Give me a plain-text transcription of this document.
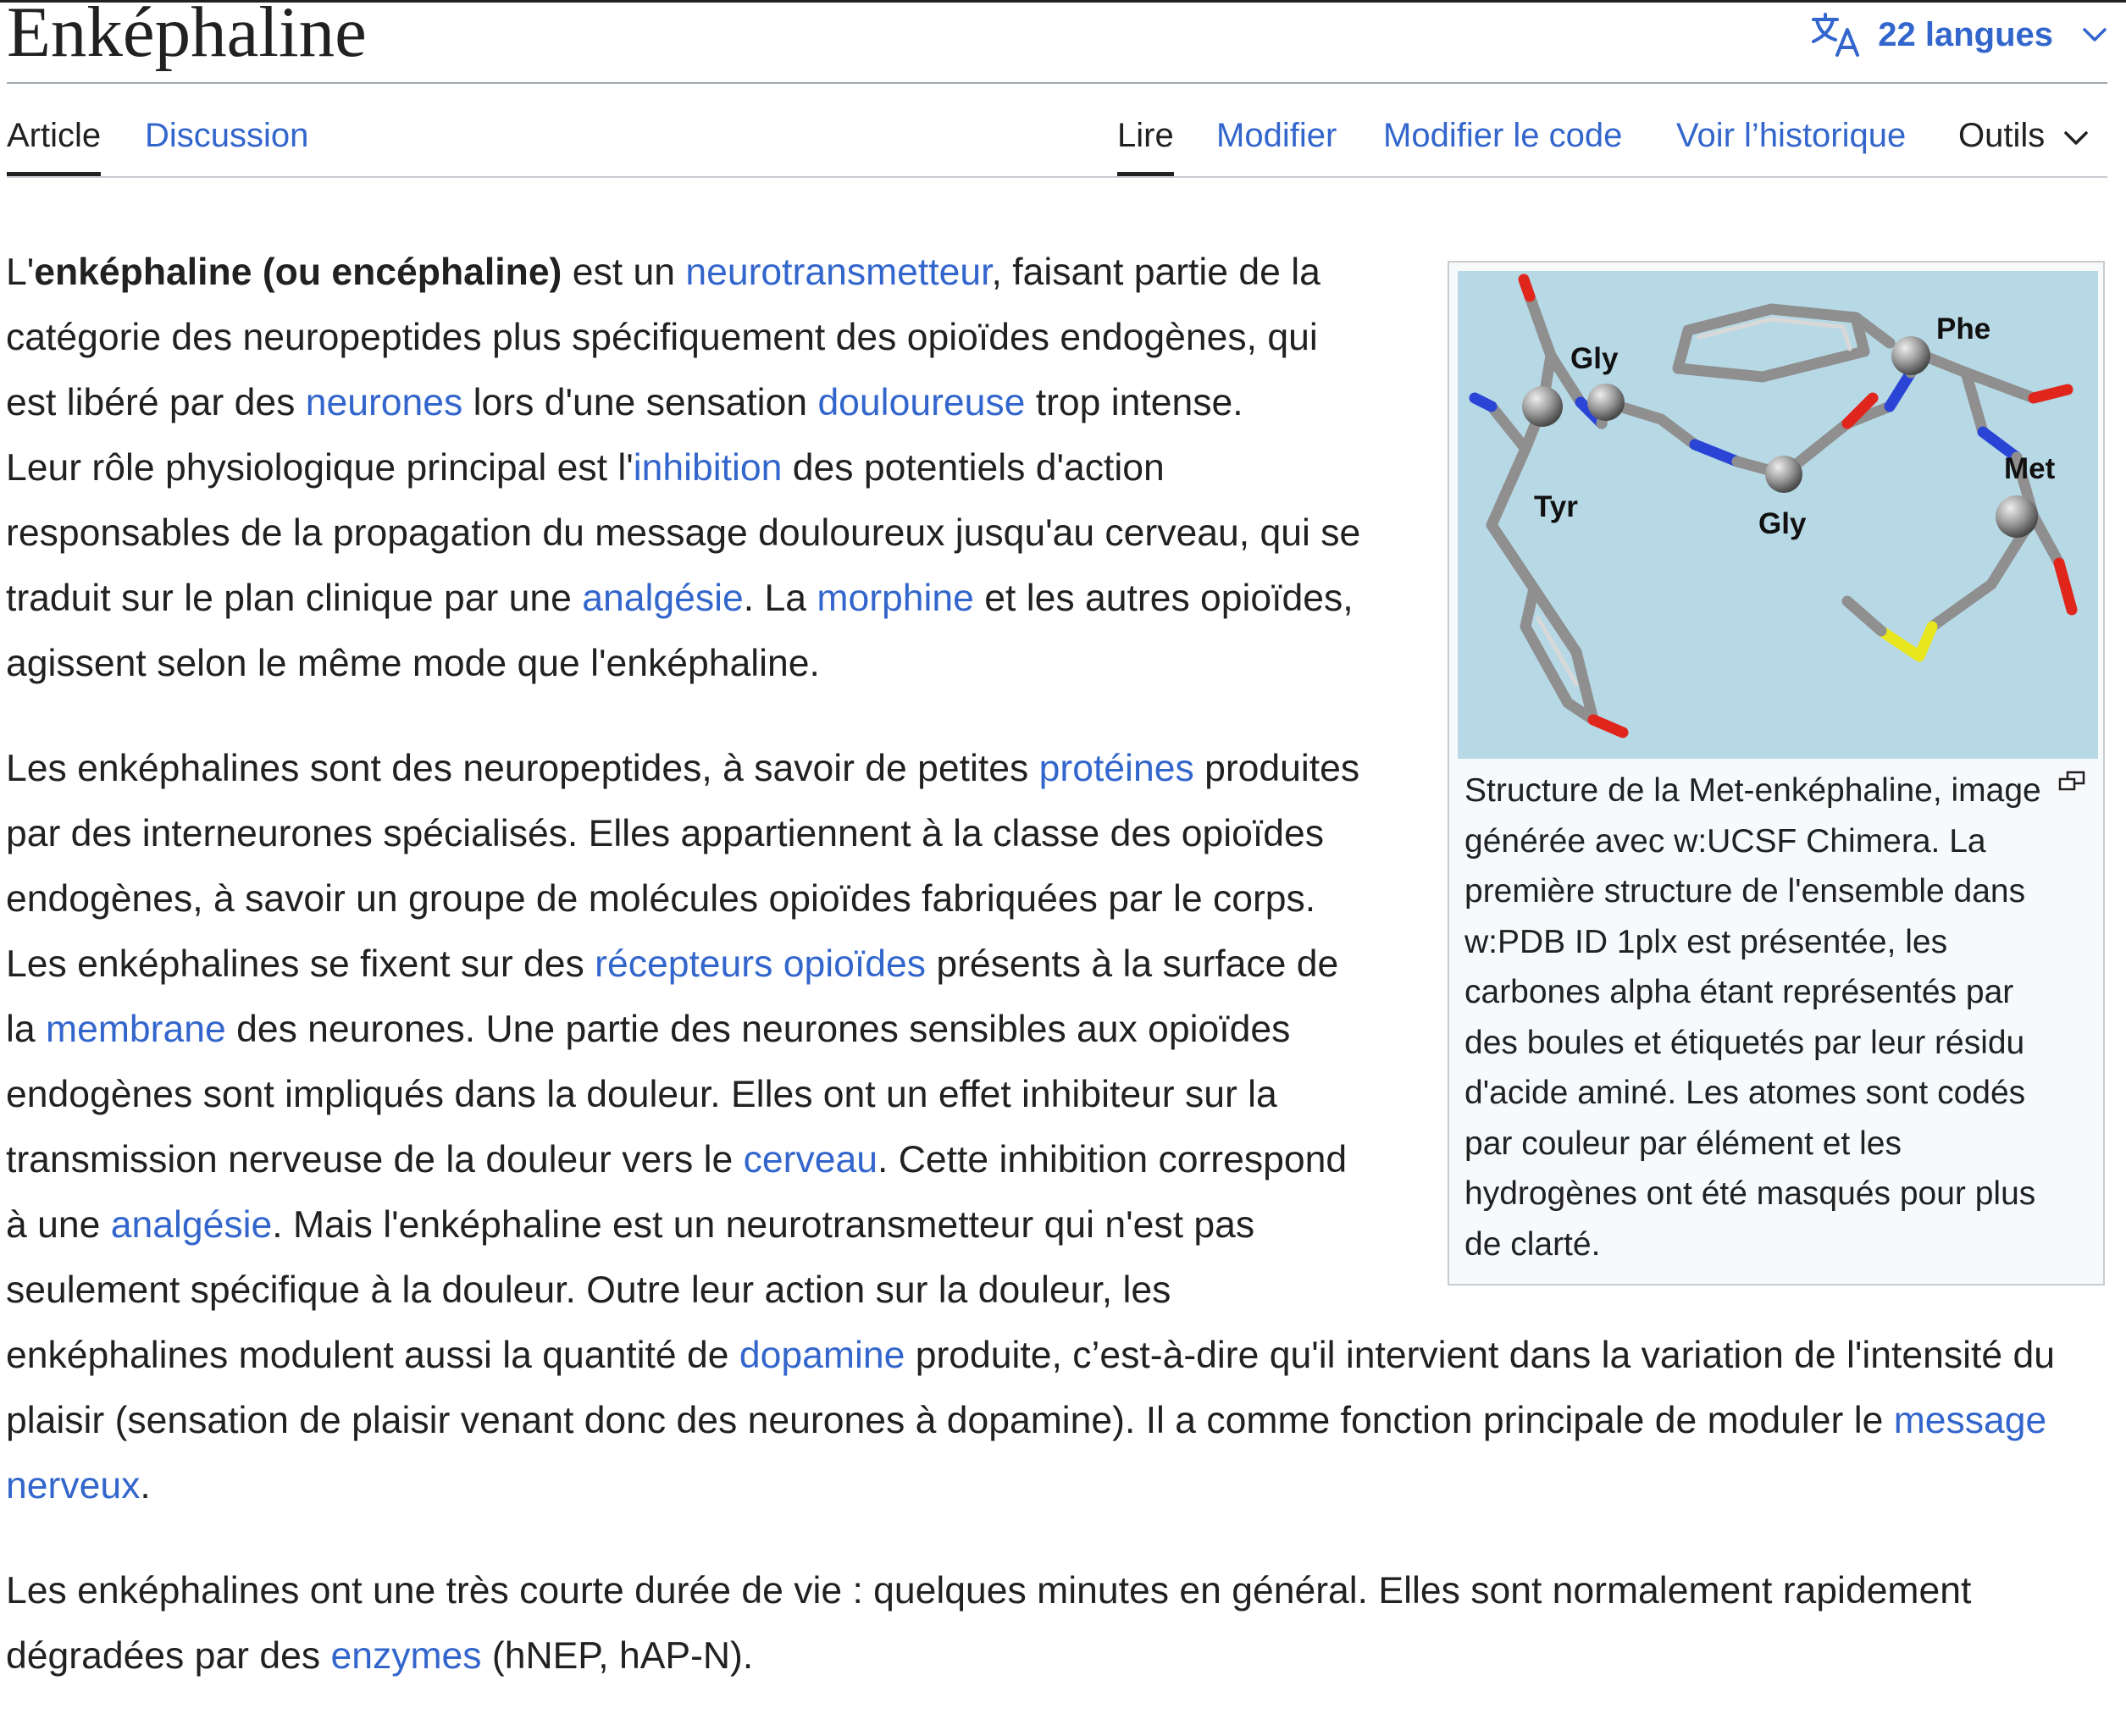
Enképhaline	22 langues
Article Discussion	Lire Modifier Modifier le code Voir l’historique Outils
Tyr
Gly
Gly
Phe
Met
Structure de la Met-enképhaline, image générée avec w:UCSF Chimera. La première structure de l'ensemble dans w:PDB ID 1plx est présentée, les carbones alpha étant représentés par des boules et étiquetés par leur résidu d'acide aminé. Les atomes sont codés par couleur par élément et les hydrogènes ont été masqués pour plus de clarté.

L'enképhaline (ou encéphaline) est un neurotransmetteur, faisant partie de la catégorie des neuropeptides plus spécifiquement des opioïdes endogènes, qui est libéré par des neurones lors d'une sensation douloureuse trop intense.
Leur rôle physiologique principal est l'inhibition des potentiels d'action responsables de la propagation du message douloureux jusqu'au cerveau, qui se traduit sur le plan clinique par une analgésie. La morphine et les autres opioïdes, agissent selon le même mode que l'enképhaline.

Les enképhalines sont des neuropeptides, à savoir de petites protéines produites par des interneurones spécialisés. Elles appartiennent à la classe des opioïdes endogènes, à savoir un groupe de molécules opioïdes fabriquées par le corps. Les enképhalines se fixent sur des récepteurs opioïdes présents à la surface de la membrane des neurones. Une partie des neurones sensibles aux opioïdes endogènes sont impliqués dans la douleur. Elles ont un effet inhibiteur sur la transmission nerveuse de la douleur vers le cerveau. Cette inhibition correspond à une analgésie. Mais l'enképhaline est un neurotransmetteur qui n'est pas seulement spécifique à la douleur. Outre leur action sur la douleur, les enképhalines modulent aussi la quantité de dopamine produite, c’est-à-dire qu'il intervient dans la variation de l'intensité du plaisir (sensation de plaisir venant donc des neurones à dopamine). Il a comme fonction principale de moduler le message nerveux.

Les enképhalines ont une très courte durée de vie : quelques minutes en général. Elles sont normalement rapidement dégradées par des enzymes (hNEP, hAP-N).
